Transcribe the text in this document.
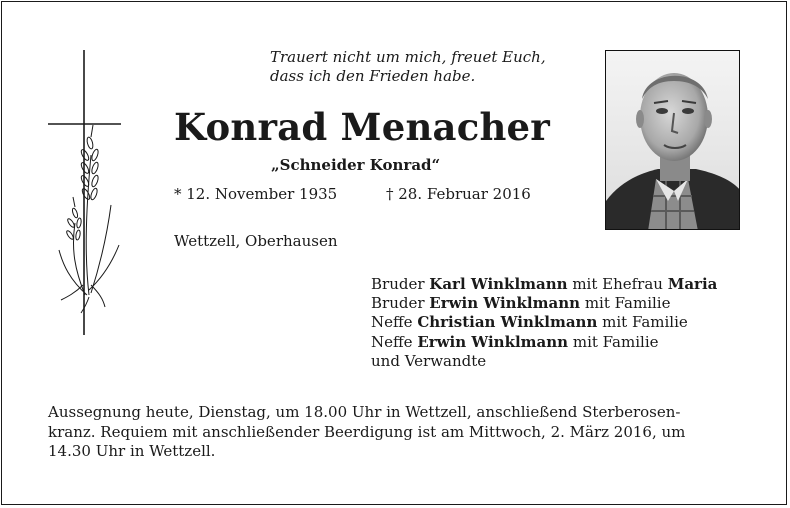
Trauert nicht um mich, freuet Euch,
dass ich den Frieden habe.
Konrad Menacher
„Schneider Konrad“
* 12. November 1935	† 28. Februar 2016
Wettzell, Oberhausen
Bruder Karl Winklmann mit Ehefrau Maria
Bruder Erwin Winklmann mit Familie
Neffe Christian Winklmann mit Familie
Neffe Erwin Winklmann mit Familie
und Verwandte
Aussegnung heute, Dienstag, um 18.00 Uhr in Wettzell, anschließend Sterberosen-
kranz. Requiem mit anschließender Beerdigung ist am Mittwoch, 2. März 2016, um
14.30 Uhr in Wettzell.
